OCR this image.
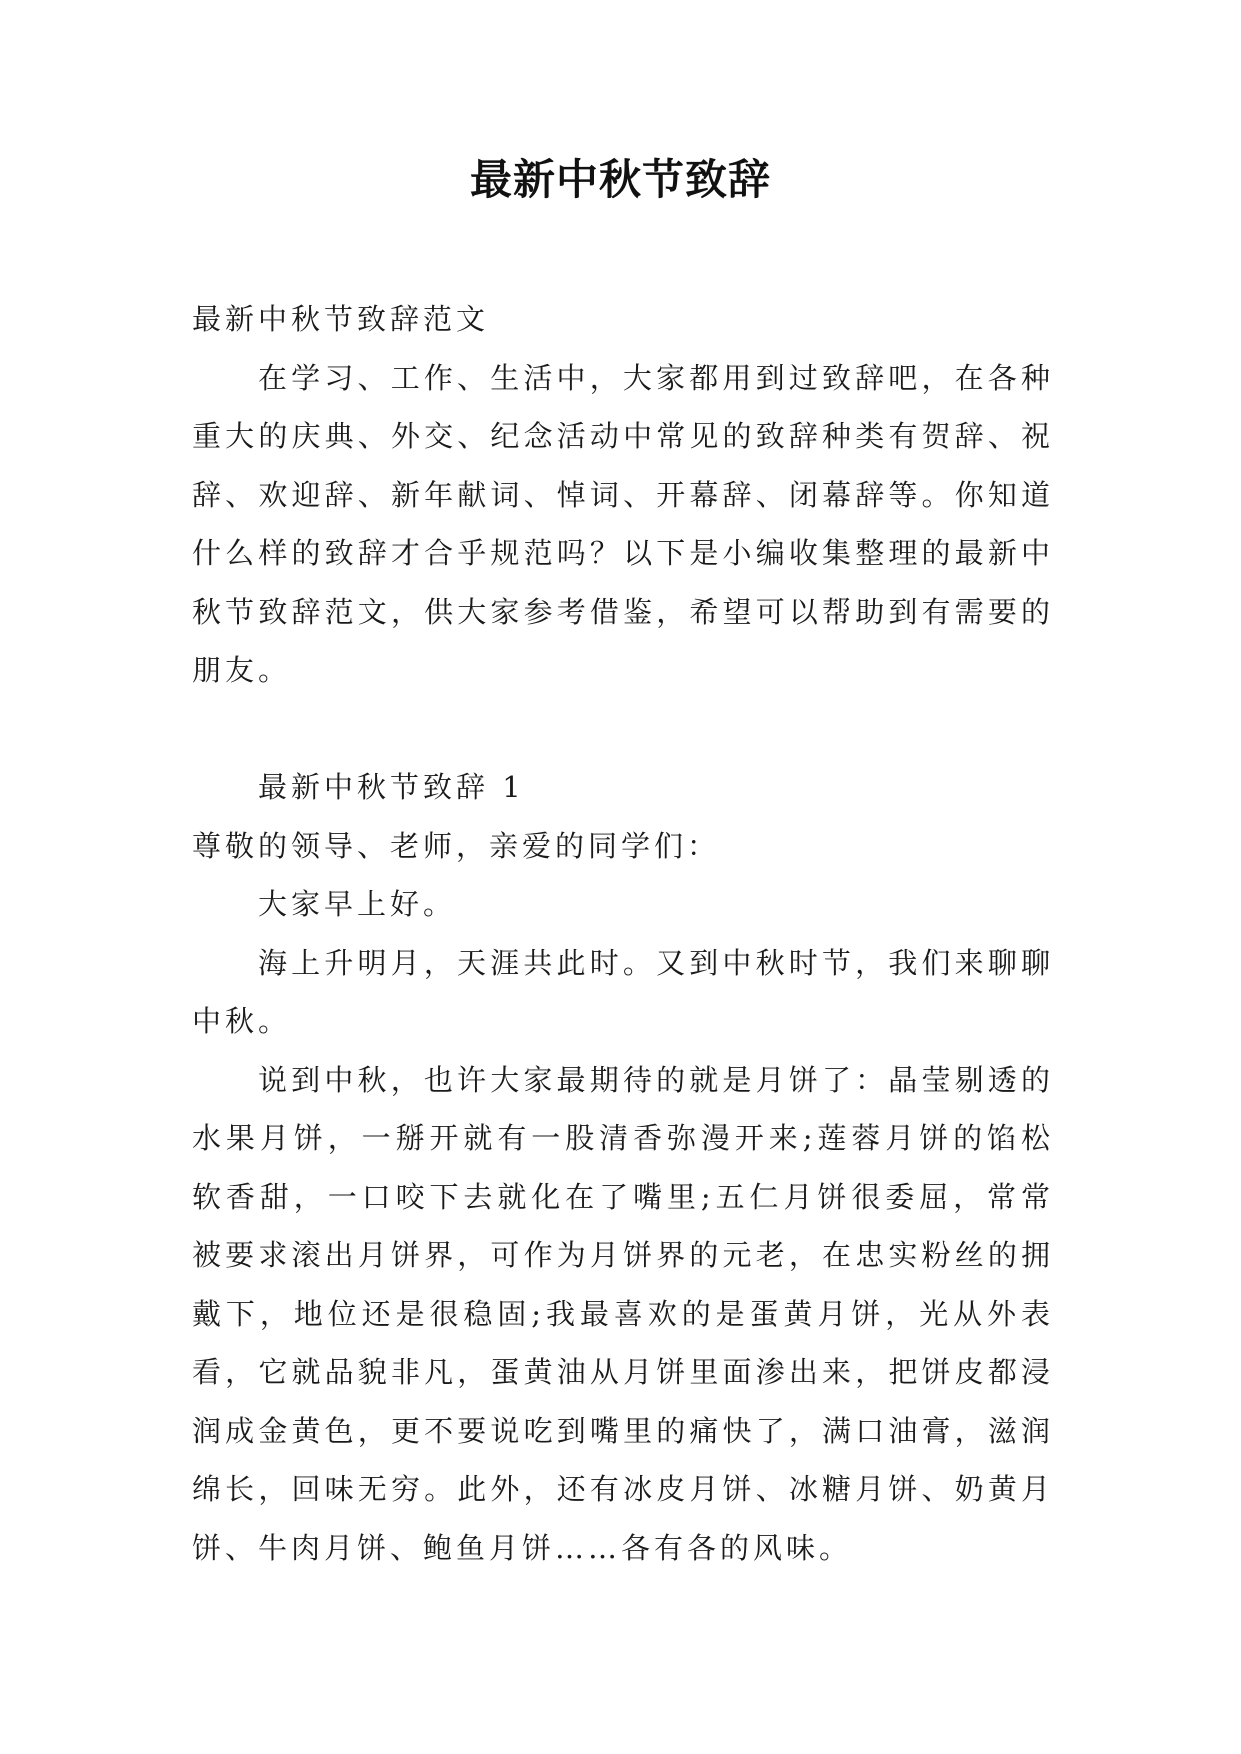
最新中秋节致辞

最新中秋节致辞范文

在学习、工作、生活中，大家都用到过致辞吧，在各种重大的庆典、外交、纪念活动中常见的致辞种类有贺辞、祝辞、欢迎辞、新年献词、悼词、开幕辞、闭幕辞等。你知道什么样的致辞才合乎规范吗？以下是小编收集整理的最新中秋节致辞范文，供大家参考借鉴，希望可以帮助到有需要的朋友。

最新中秋节致辞 1

尊敬的领导、老师，亲爱的同学们：

大家早上好。

海上升明月，天涯共此时。又到中秋时节，我们来聊聊中秋。

说到中秋，也许大家最期待的就是月饼了：晶莹剔透的水果月饼，一掰开就有一股清香弥漫开来;莲蓉月饼的馅松软香甜，一口咬下去就化在了嘴里;五仁月饼很委屈，常常被要求滚出月饼界，可作为月饼界的元老，在忠实粉丝的拥戴下，地位还是很稳固;我最喜欢的是蛋黄月饼，光从外表看，它就品貌非凡，蛋黄油从月饼里面渗出来，把饼皮都浸润成金黄色，更不要说吃到嘴里的痛快了，满口油膏，滋润绵长，回味无穷。此外，还有冰皮月饼、冰糖月饼、奶黄月饼、牛肉月饼、鲍鱼月饼……各有各的风味。
